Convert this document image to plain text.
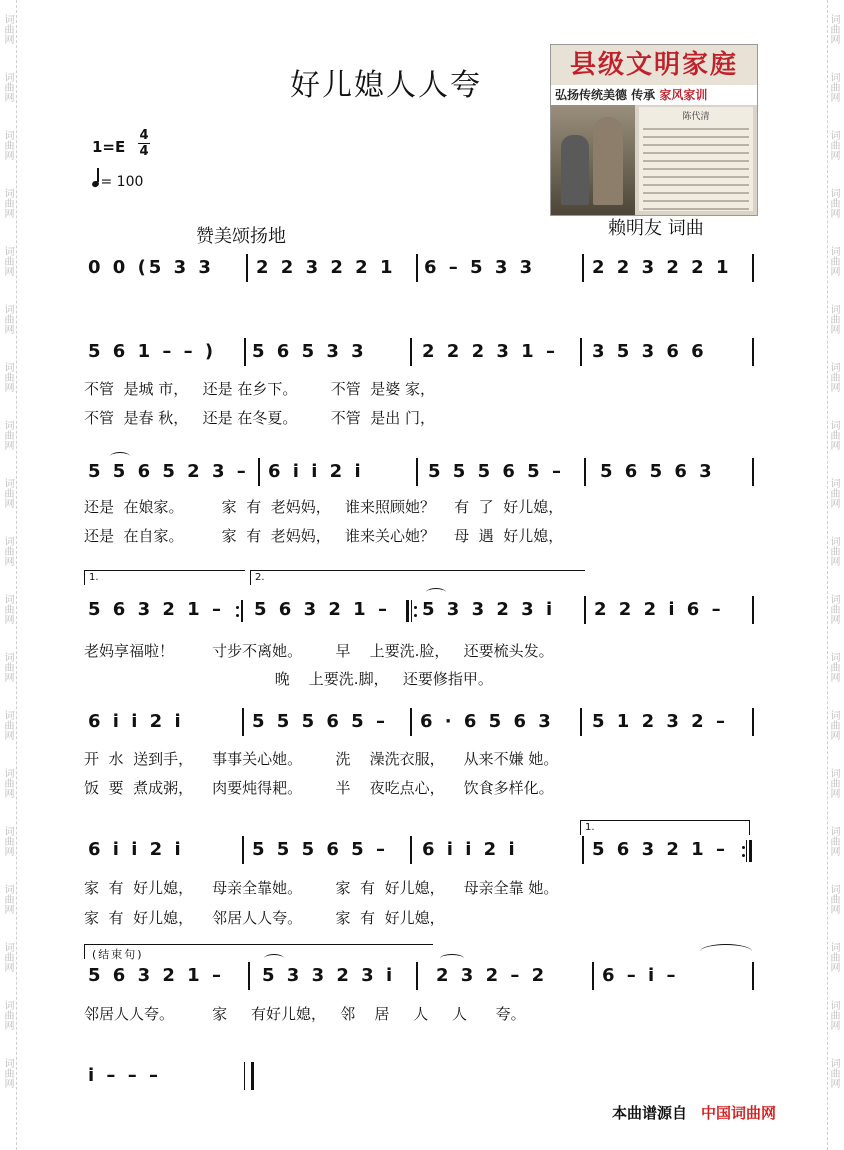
词曲网
词曲网
词曲网
词曲网
词曲网
词曲网
词曲网
词曲网
词曲网
词曲网
词曲网
词曲网
词曲网
词曲网
词曲网
词曲网
词曲网
词曲网
词曲网
词曲网
词曲网
词曲网
词曲网
词曲网
词曲网
词曲网
词曲网
词曲网
词曲网
词曲网
词曲网
词曲网
词曲网
词曲网
词曲网
词曲网
词曲网
词曲网
好儿媳人人夸
县级文明家庭
弘扬传统美德 传承 家风家训
陈代清
1=E
4
4
= 100
赞美颂扬地	赖明友 词曲
0 0 (5 3 3 2 2 3 2 2 1 6 – 5 3 3	2 2 3 2 2 1
5 6 1 – – ) 5 6 5 3 3	2 2 2 3 1 – 3 5 3 6 6
不管  是城 市，   还是 在乡下。       不管  是婆 家，
不管  是春 秋，   还是 在冬夏。       不管  是出 门，
5 5 6 5 2 3 – 6 i i 2 i	5 5 5 6 5 – 5 6 5 6 3
还是  在娘家。        家  有  老妈妈，   谁来照顾她？    有  了  好儿媳，
还是  在自家。        家  有  老妈妈，   谁来关心她？    母  遇  好儿媳，
1.	2.
5 6 3 2 1 – 5 6 3 2 1 – 5 3 3 2 3 i 2 2 2 i 6 –
老妈享福啦！        寸步不离她。       早    上要洗.脸，   还要梳头发。
晚    上要洗.脚，   还要修指甲。
6 i i 2 i	5 5 5 6 5 – 6 · 6 5 6 3 5 1 2 3 2 –
开  水  送到手，    事事关心她。       洗    澡洗衣服，    从来不嫌 她。
饭  要  煮成粥，    肉要炖得耙。       半    夜吃点心，    饮食多样化。
1.
6 i i 2 i	5 5 5 6 5 – 6 i i 2 i	5 6 3 2 1 –
家  有  好儿媳，    母亲全靠她。       家  有  好儿媳，    母亲全靠 她。
家  有  好儿媳，    邻居人人夸。       家  有  好儿媳，
(结束句)
5 6 3 2 1 – 5 3 3 2 3 i 2 3 2 – 2	6 – i –
邻居人人夸。        家     有好儿媳，   邻    居     人     人      夸。
i – – –
本曲谱源自 中国词曲网
